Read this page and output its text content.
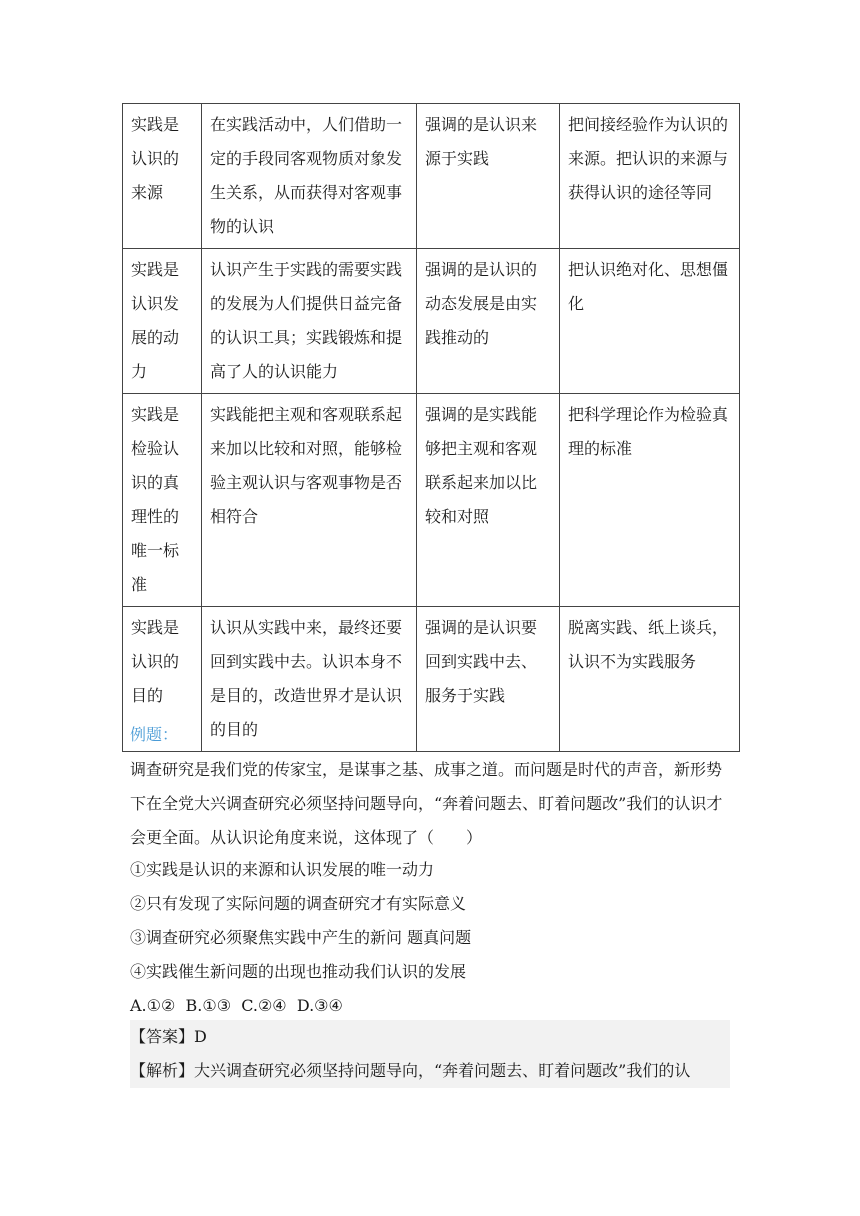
实践是认识的来源	在实践活动中，人们借助一定的手段同客观物质对象发生关系，从而获得对客观事物的认识	强调的是认识来源于实践	把间接经验作为认识的来源。把认识的来源与获得认识的途径等同
实践是认识发展的动力	认识产生于实践的需要实践的发展为人们提供日益完备的认识工具；实践锻炼和提高了人的认识能力	强调的是认识的动态发展是由实践推动的	把认识绝对化、思想僵化
实践是检验认识的真理性的唯一标准	实践能把主观和客观联系起来加以比较和对照，能够检验主观认识与客观事物是否相符合	强调的是实践能够把主观和客观联系起来加以比较和对照	把科学理论作为检验真理的标准
实践是认识的目的	认识从实践中来，最终还要回到实践中去。认识本身不是目的，改造世界才是认识的目的	强调的是认识要回到实践中去、服务于实践	脱离实践、纸上谈兵，认识不为实践服务
例题：
调查研究是我们党的传家宝，是谋事之基、成事之道。而问题是时代的声音，新形势下在全党大兴调查研究必须坚持问题导向，“奔着问题去、盯着问题改”我们的认识才会更全面。从认识论角度来说，这体现了（　　）
①实践是认识的来源和认识发展的唯一动力
②只有发现了实际问题的调查研究才有实际意义
③调查研究必须聚焦实践中产生的新问 题真问题
④实践催生新问题的出现也推动我们认识的发展
A.①②  B.①③  C.②④  D.③④
【答案】D
【解析】大兴调查研究必须坚持问题导向，“奔着问题去、盯着问题改”我们的认
